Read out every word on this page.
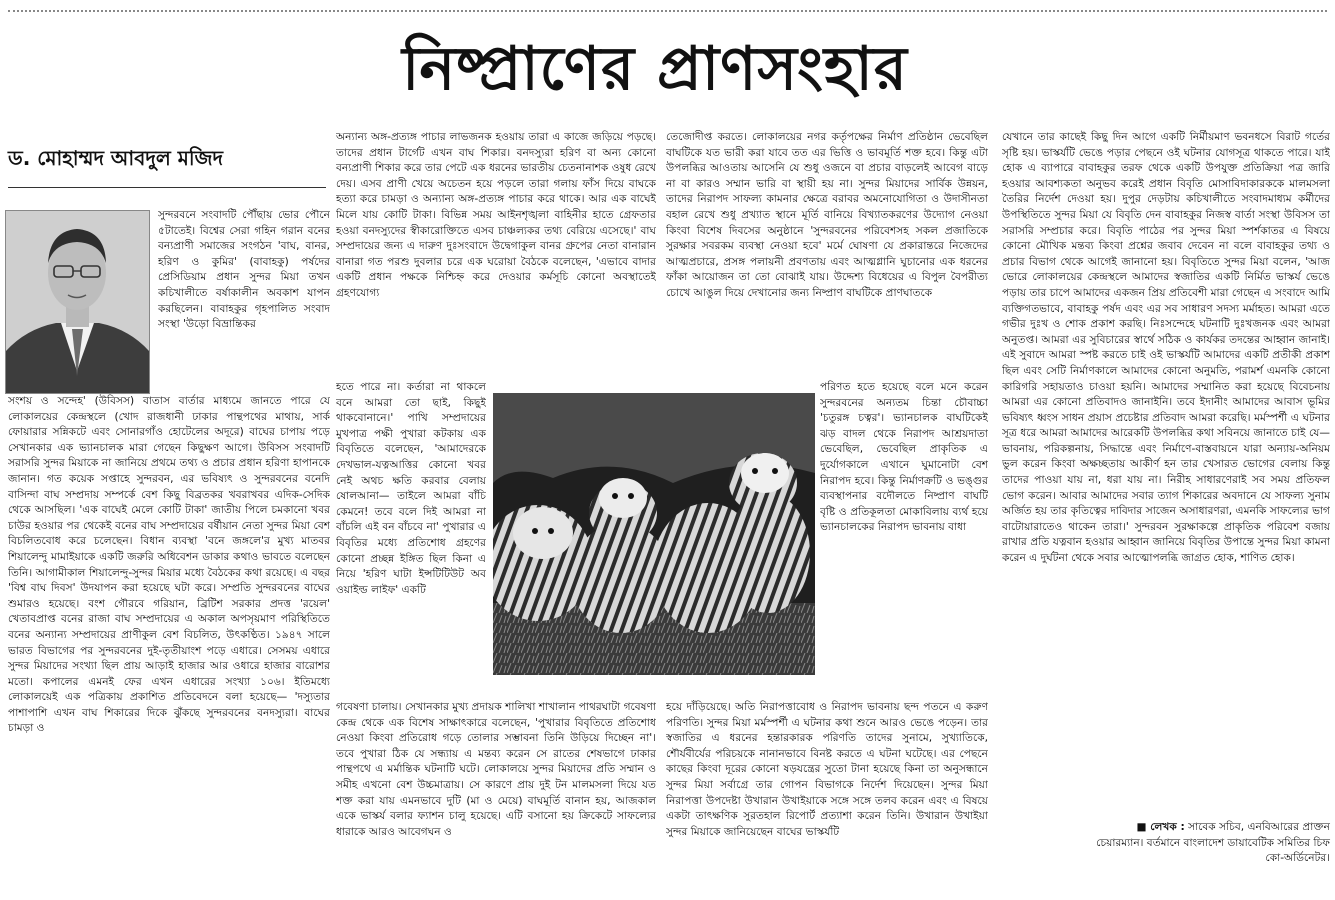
নিষ্প্রাণের প্রাণসংহার
ড. মোহাম্মদ আবদুল মজিদ

সুন্দরবনে সংবাদটি পৌঁছায় ভোর পৌনে ৫টাতেই। বিশ্বের সেরা গহিন গরান বনের বন্যপ্রাণী সমাজের সংগঠন 'বাঘ, বানর, হরিণ ও কুমির' (বাবাহকু) পর্ষদের প্রেসিডিয়াম প্রধান সুন্দর মিয়া তখন কচিখালীতে বর্ষাকালীন অবকাশ যাপন করছিলেন। বাবাহকুর গৃহপালিত সংবাদ সংস্থা 'উড়ো বিভ্রান্তিকর

সংশয় ও সন্দেহ' (উবিসস) বাতাস বার্তার মাধ্যমে জানতে পারে যে লোকালয়ের কেন্দ্রস্থলে (খোদ রাজধানী ঢাকার পান্থপথের মাথায়, সার্ক ফোয়ারার সন্নিকটে এবং সোনারগাঁও হোটেলের অদূরে) বাঘের চাপায় পড়ে সেখানকার এক ভ্যানচালক মারা গেছেন কিছুক্ষণ আগে। উবিসস সংবাদটি সরাসরি সুন্দর মিয়াকে না জানিয়ে প্রথমে তথ্য ও প্রচার প্রধান হরিণা হাপানকে জানান। গত কয়েক সপ্তাহে সুন্দরবন, এর ভবিষ্যৎ ও সুন্দরবনের বনেদি বাসিন্দা বাঘ সম্প্রদায় সম্পর্কে বেশ কিছু বিব্রতকর খবরাখবর এদিক-সেদিক থেকে আসছিল। 'এক বাঘেই মেলে কোটি টাকা' জাতীয় পিলে চমকানো খবর চাউর হওয়ার পর থেকেই বনের বাঘ সম্প্রদায়ের বর্ষীয়ান নেতা সুন্দর মিয়া বেশ বিচলিতবোধ করে চলেছেন। বিধান ব্যবস্থা 'বনে জঙ্গলে'র মুখ্য মাতবর শিয়ালেন্দু মামাইয়াকে একটি জরুরি অধিবেশন ডাকার কথাও ভাবতে বলেছেন তিনি। আগামীকাল শিয়ালেন্দু-সুন্দর মিয়ার মধ্যে বৈঠকের কথা রয়েছে। এ বছর 'বিশ্ব বাঘ দিবস' উদযাপন করা হয়েছে ঘটা করে। সম্প্রতি সুন্দরবনের বাঘের শুমারও হয়েছে। বংশ গৌরবে গরিয়ান, ব্রিটিশ সরকার প্রদত্ত 'রয়েল' খেতাবপ্রাপ্ত বনের রাজা বাঘ সম্প্রদায়ের এ অকাল অপসৃয়মাণ পরিস্থিতিতে বনের অন্যান্য সম্প্রদায়ের প্রাণীকুল বেশ বিচলিত, উৎকণ্ঠিত। ১৯৪৭ সালে ভারত বিভাগের পর সুন্দরবনের দুই-তৃতীয়াংশ পড়ে এধারে। সেসময় এধারে সুন্দর মিয়াদের সংখ্যা ছিল প্রায় আড়াই হাজার আর ওধারে হাজার বারোশর মতো। কপালের এমনই ফের এখন এধারের সংখ্যা ১০৬। ইতিমধ্যে লোকালয়েই এক পত্রিকায় প্রকাশিত প্রতিবেদনে বলা হয়েছে— 'দস্যুতার পাশাপাশি এখন বাঘ শিকারের দিকে ঝুঁকছে সুন্দরবনের বনদস্যুরা। বাঘের চামড়া ও

অন্যান্য অঙ্গ-প্রত্যঙ্গ পাচার লাভজনক হওয়ায় তারা এ কাজে জড়িয়ে পড়ছে। তাদের প্রধান টার্গেট এখন বাঘ শিকার। বনদস্যুরা হরিণ বা অন্য কোনো বন্যপ্রাণী শিকার করে তার পেটে এক ধরনের ভারতীয় চেতনানাশক ওষুধ রেখে দেয়। এসব প্রাণী খেয়ে অচেতন হয়ে পড়লে তারা গলায় ফাঁস দিয়ে বাঘকে হত্যা করে চামড়া ও অন্যান্য অঙ্গ-প্রত্যঙ্গ পাচার করে থাকে। আর এক বাঘেই মিলে যায় কোটি টাকা। বিভিন্ন সময় আইনশৃঙ্খলা বাহিনীর হাতে গ্রেফতার হওয়া বনদস্যুদের স্বীকারোক্তিতে এসব চাঞ্চল্যকর তথ্য বেরিয়ে এসেছে।' বাঘ সম্প্রদায়ের জন্য এ দারুণ দুঃসংবাদে উদ্বেগাকুল বানর গ্রুপের নেতা বানারান বানারা গত পরশু দুবলার চরে এক ঘরোয়া বৈঠকে বলেছেন, 'এভাবে বাদার একটি প্রধান পক্ষকে নিশ্চিহ্ন করে দেওয়ার কর্মসূচি কোনো অবস্থাতেই গ্রহণযোগ্য

হতে পারে না। কর্তারা না থাকলে বনে আমরা তো ছাই, কিছুই থাকবোনানে।' পাখি সম্প্রদায়ের মুখপাত্র পক্ষী পুখারা কটকায় এক বিবৃতিতে বলেছেন, 'আমাদেরকে দেখভাল-যত্নআত্তির কোনো খবর নেই অথচ ক্ষতি করবার বেলায় ষোলআনা— তাইলে আমরা বাঁচি কেমনে! তবে বলে দিই আমরা না বাঁচলি এই বন বাঁচবে না' পুখারার এ বিবৃতির মধ্যে প্রতিশোধ গ্রহণের কোনো প্রচ্ছন্ন ইঙ্গিত ছিল কিনা এ নিয়ে 'হরিণ ঘাটা ইন্সটিটিউট অব ওয়াইল্ড লাইফ' একটি

গবেষণা চালায়। সেখানকার মুখ্য প্রদায়ক শালিখা শাখালান পাথরঘাটা গবেষণা কেন্দ্র থেকে এক বিশেষ সাক্ষাৎকারে বলেছেন, 'পুখারার বিবৃতিতে প্রতিশোধ নেওয়া কিংবা প্রতিরোধ গড়ে তোলার সম্ভাবনা তিনি উড়িয়ে দিচ্ছেন না'। তবে পুখারা ঠিক যে সন্ধ্যায় এ মন্তব্য করেন সে রাতের শেষভাগে ঢাকার পান্থপথে এ মর্মান্তিক ঘটনাটি ঘটে। লোকালয়ে সুন্দর মিয়াদের প্রতি সম্মান ও সমীহ এখনো বেশ উচ্চমাত্রায়। সে কারণে প্রায় দুই টন মালমসলা দিয়ে যত শক্ত করা যায় এমনভাবে দুটি (মা ও মেয়ে) বাঘমূর্তি বানান হয়, আজকাল একে ভাস্কর্য বলার ফ্যাশন চালু হয়েছে। এটি বসানো হয় ক্রিকেটে সাফল্যের ধারাকে আরও আবেগঘন ও

তেজোদীপ্ত করতে। লোকালয়ের নগর কর্তৃপক্ষের নির্মাণ প্রতিষ্ঠান ভেবেছিল বাঘটিকে যত ভারী করা যাবে তত এর ভিত্তি ও ভাবমূর্তি শক্ত হবে। কিন্তু এটা উপলব্ধির আওতায় আসেনি যে শুধু ওজনে বা প্রচার বাড়লেই আবেগ বাড়ে না বা কারও সম্মান ভারি বা স্থায়ী হয় না। সুন্দর মিয়াদের সার্বিক উন্নয়ন, তাদের নিরাপদ সাফল্য কামনার ক্ষেত্রে বরাবর অমনোযোগিতা ও উদাসীনতা বহাল রেখে শুধু প্রখ্যাত স্থানে মূর্তি বানিয়ে বিখ্যাতকরণের উদ্যোগ নেওয়া কিংবা বিশেষ দিবসের অনুষ্ঠানে 'সুন্দরবনের পরিবেশসহ সকল প্রজাতিকে সুরক্ষার সবরকম ব্যবস্থা নেওয়া হবে' মর্মে ঘোষণা যে প্রকারান্তরে নিজেদের আত্মপ্রচারে, প্রসঙ্গ পলায়নী প্রবণতায় এবং আত্মগ্লানি ঘুচানোর এক ধরনের ফাঁকা আয়োজন তা তো বোঝাই যায়। উদ্দেশ্য বিধেয়ের এ বিপুল বৈপরীত্য চোখে আঙুল দিয়ে দেখানোর জন্য নিষ্প্রাণ বাঘটিকে প্রাণঘাতকে

পরিণত হতে হয়েছে বলে মনে করেন সুন্দরবনের অন্যতম চিন্তা চৌবাচ্চা 'চতুরঙ্গ চত্বর'। ভ্যানচালক বাঘটিকেই ঝড় বাদল থেকে নিরাপদ আশ্রয়দাতা ভেবেছিল, ভেবেছিল প্রাকৃতিক এ দুর্যোগকালে এখানে ঘুমানোটা বেশ নিরাপদ হবে। কিন্তু নির্মাণক্রটি ও ভঙ্গুর ব্যবস্থাপনার বদৌলতে নিষ্প্রাণ বাঘটি বৃষ্টি ও প্রতিকূলতা মোকাবিলায় ব্যর্থ হয়ে ভ্যানচালকের নিরাপদ ভাবনায় বাধা

হয়ে দাঁড়িয়েছে। অতি নিরাপত্তাবোধ ও নিরাপদ ভাবনায় ছন্দ পতনে এ করুণ পরিণতি। সুন্দর মিয়া মর্মস্পর্শী এ ঘটনার কথা শুনে আরও ভেঙে পড়েন। তার স্বজাতির এ ধরনের হন্তারকারক পরিণতি তাদের সুনামে, সুখ্যাতিকে, শৌর্যবীর্যের পরিচয়কে নানানভাবে বিনষ্ট করতে এ ঘটনা ঘটেছে। এর পেছনে কাছের কিংবা দূরের কোনো ষড়যন্ত্রের সুতো টানা হয়েছে কিনা তা অনুসন্ধানে সুন্দর মিয়া সর্বাগ্রে তার গোপন বিভাগকে নির্দেশ দিয়েছেন। সুন্দর মিয়া নিরাপত্তা উপদেষ্টা উখারান উখাইয়াকে সঙ্গে সঙ্গে তলব করেন এবং এ বিষয়ে একটা তাৎক্ষণিক সুরতহাল রিপোর্ট প্রত্যাশা করেন তিনি। উখারান উখাইয়া সুন্দর মিয়াকে জানিয়েছেন বাঘের ভাস্কর্যটি

যেখানে তার কাছেই কিছু দিন আগে একটি নির্মীয়মাণ ভবনধসে বিরাট গর্তের সৃষ্টি হয়। ভাস্কর্যটি ভেঙে পড়ার পেছনে ওই ঘটনার যোগসূত্র থাকতে পারে। যাই হোক এ ব্যাপারে বাবাহকুর তরফ থেকে একটি উপযুক্ত প্রতিক্রিয়া পত্র জারি হওয়ার আবশ্যকতা অনুভব করেই প্রধান বিবৃতি মোসাবিদাকারককে মালমসলা তৈরির নির্দেশ দেওয়া হয়। দুপুর দেড়টায় কচিখালীতে সংবাদমাধ্যম কর্মীদের উপস্থিতিতে সুন্দর মিয়া যে বিবৃতি দেন বাবাহকুর নিজস্ব বার্তা সংস্থা উবিসস তা সরাসরি সম্প্রচার করে। বিবৃতি পাঠের পর সুন্দর মিয়া স্পর্শকাতর এ বিষয়ে কোনো মৌখিক মন্তব্য কিংবা প্রশ্নের জবাব দেবেন না বলে বাবাহকুর তথ্য ও প্রচার বিভাগ থেকে আগেই জানানো হয়। বিবৃতিতে সুন্দর মিয়া বলেন, 'আজ ভোরে লোকালয়ের কেন্দ্রস্থলে আমাদের স্বজাতির একটি নির্মিত ভাস্কর্য ভেঙে পড়ায় তার চাপে আমাদের একজন প্রিয় প্রতিবেশী মারা গেছেন এ সংবাদে আমি ব্যক্তিগতভাবে, বাবাহকু পর্ষদ এবং এর সব সাধারণ সদস্য মর্মাহত। আমরা এতে গভীর দুঃখ ও শোক প্রকাশ করছি। নিঃসন্দেহে ঘটনাটি দুঃখজনক এবং আমরা অনুতপ্ত। আমরা এর সুবিচারের স্বার্থে সঠিক ও কার্যকর তদন্তের আহ্বান জানাই। এই সুবাদে আমরা স্পষ্ট করতে চাই ওই ভাস্কর্যটি আমাদের একটি প্রতীকী প্রকাশ ছিল এবং সেটি নির্মাণকালে আমাদের কোনো অনুমতি, পরামর্শ এমনকি কোনো কারিগরি সহায়তাও চাওয়া হয়নি। আমাদের সম্মানিত করা হয়েছে বিবেচনায় আমরা এর কোনো প্রতিবাদও জানাইনি। তবে ইদানীং আমাদের আবাস ভূমির ভবিষ্যৎ ধ্বংস সাধন প্রয়াস প্রচেষ্টার প্রতিবাদ আমরা করেছি। মর্মস্পর্শী এ ঘটনার সূত্র ধরে আমরা আমাদের আরেকটি উপলব্ধির কথা সবিনয়ে জানাতে চাই যে— ভাবনায়, পরিকল্পনায়, সিদ্ধান্তে এবং নির্মাণে-বাস্তবায়নে যারা অন্যায়-অনিয়ম ভুল করেন কিংবা অক্ষচ্ছতায় আকীর্ণ হন তার খেসারত ভোগের বেলায় কিন্তু তাদের পাওয়া যায় না, ধরা যায় না। নিরীহ সাধারণেরাই সব সময় প্রতিফল ভোগ করেন। আবার আমাদের সবার ত্যাগ শিকারের অবদানে যে সাফল্য সুনাম অর্জিত হয় তার কৃতিত্বের দাবিদার সাজেন অসাধারণরা, এমনকি সাফল্যের ভাগ বাটোয়ারাতেও থাকেন তারা।' সুন্দরবন সুরক্ষাকল্পে প্রাকৃতিক পরিবেশ বজায় রাখার প্রতি যত্নবান হওয়ার আহ্বান জানিয়ে বিবৃতির উপান্তে সুন্দর মিয়া কামনা করেন এ দুর্ঘটনা থেকে সবার আত্মোপলব্ধি জাগ্রত হোক, শাণিত হোক।

■ লেখক : সাবেক সচিব, এনবিআরের প্রাক্তন
চেয়ারম্যান। বর্তমানে বাংলাদেশ ডায়াবেটিক সমিতির চিফ
কো-অর্ডিনেটর।
